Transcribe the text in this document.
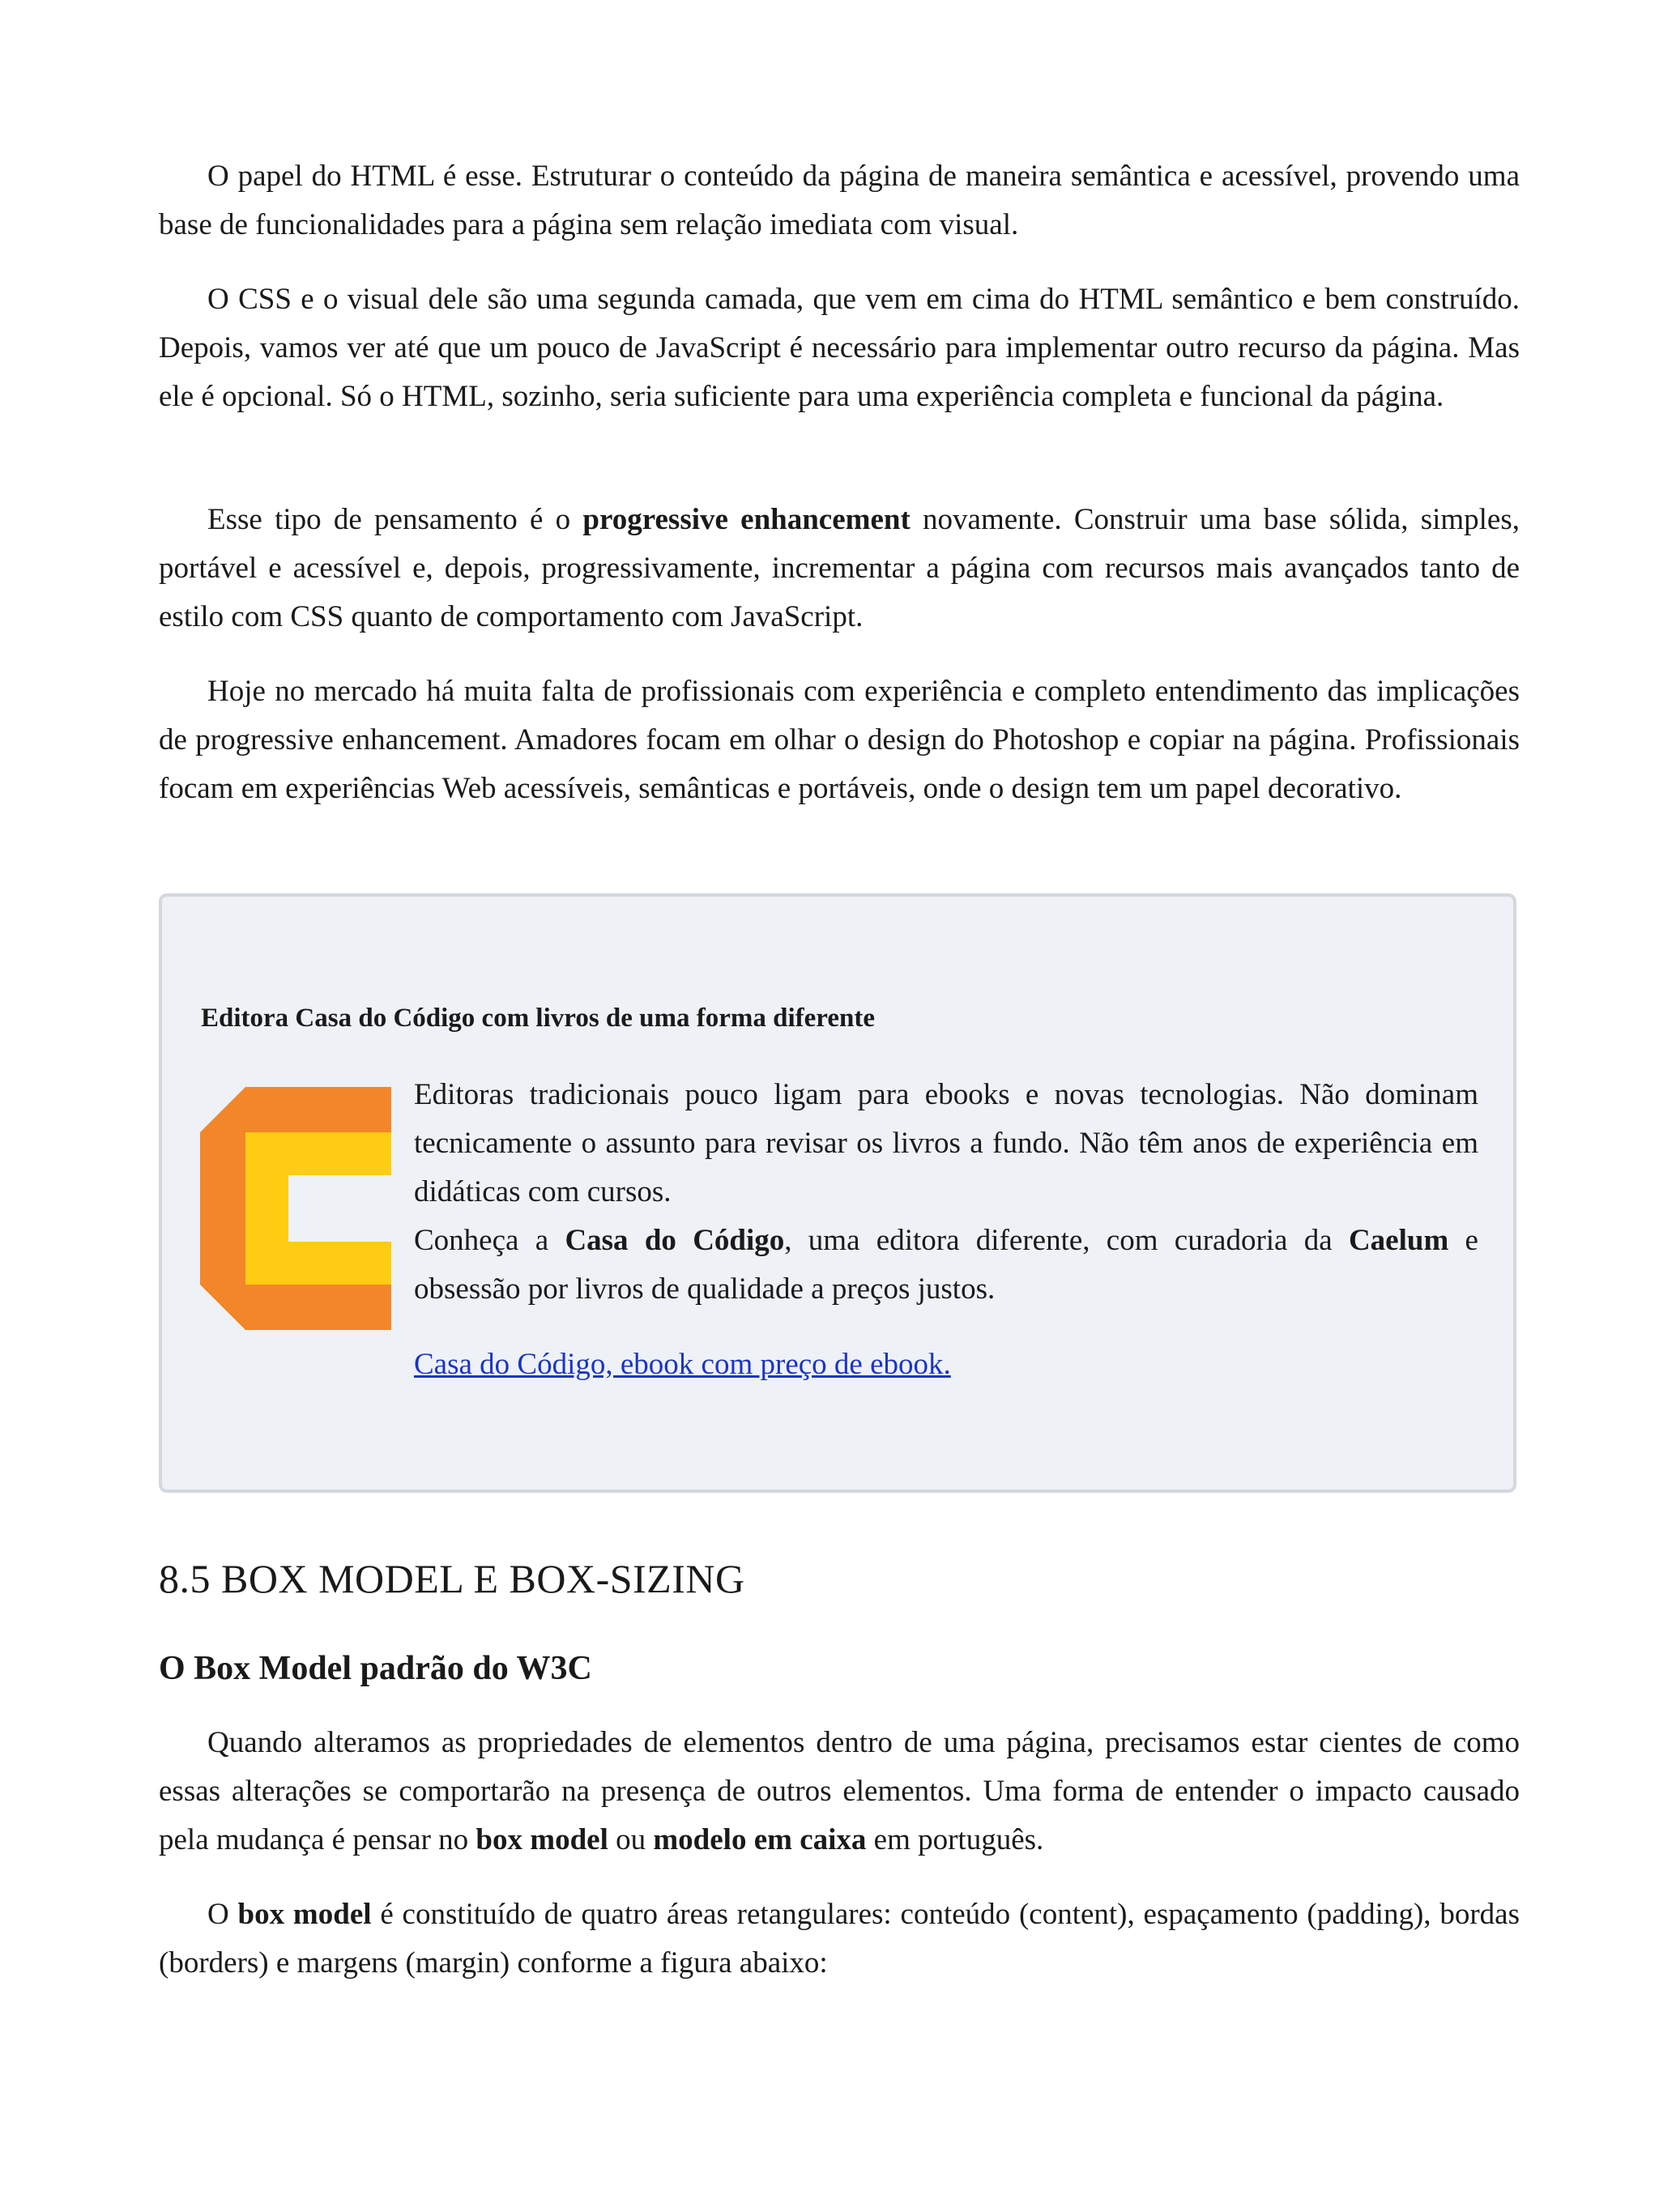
O papel do HTML é esse. Estruturar o conteúdo da página de maneira semântica e acessível, provendo uma base de funcionalidades para a página sem relação imediata com visual.

O CSS e o visual dele são uma segunda camada, que vem em cima do HTML semântico e bem construído. Depois, vamos ver até que um pouco de JavaScript é necessário para implementar outro recurso da página. Mas ele é opcional. Só o HTML, sozinho, seria suficiente para uma experiência completa e funcional da página.

Esse tipo de pensamento é o progressive enhancement novamente. Construir uma base sólida, simples, portável e acessível e, depois, progressivamente, incrementar a página com recursos mais avançados tanto de estilo com CSS quanto de comportamento com JavaScript.

Hoje no mercado há muita falta de profissionais com experiência e completo entendimento das implicações de progressive enhancement. Amadores focam em olhar o design do Photoshop e copiar na página. Profissionais focam em experiências Web acessíveis, semânticas e portáveis, onde o design tem um papel decorativo.

Editora Casa do Código com livros de uma forma diferente

Editoras tradicionais pouco ligam para ebooks e novas tecnologias. Não dominam tecnicamente o assunto para revisar os livros a fundo. Não têm anos de experiência em didáticas com cursos.
Conheça a Casa do Código, uma editora diferente, com curadoria da Caelum e obsessão por livros de qualidade a preços justos.

Casa do Código, ebook com preço de ebook.
8.5 BOX MODEL E BOX-SIZING
O Box Model padrão do W3C

Quando alteramos as propriedades de elementos dentro de uma página, precisamos estar cientes de como essas alterações se comportarão na presença de outros elementos. Uma forma de entender o impacto causado pela mudança é pensar no box model ou modelo em caixa em português.

O box model é constituído de quatro áreas retangulares: conteúdo (content), espaçamento (padding), bordas (borders) e margens (margin) conforme a figura abaixo:
